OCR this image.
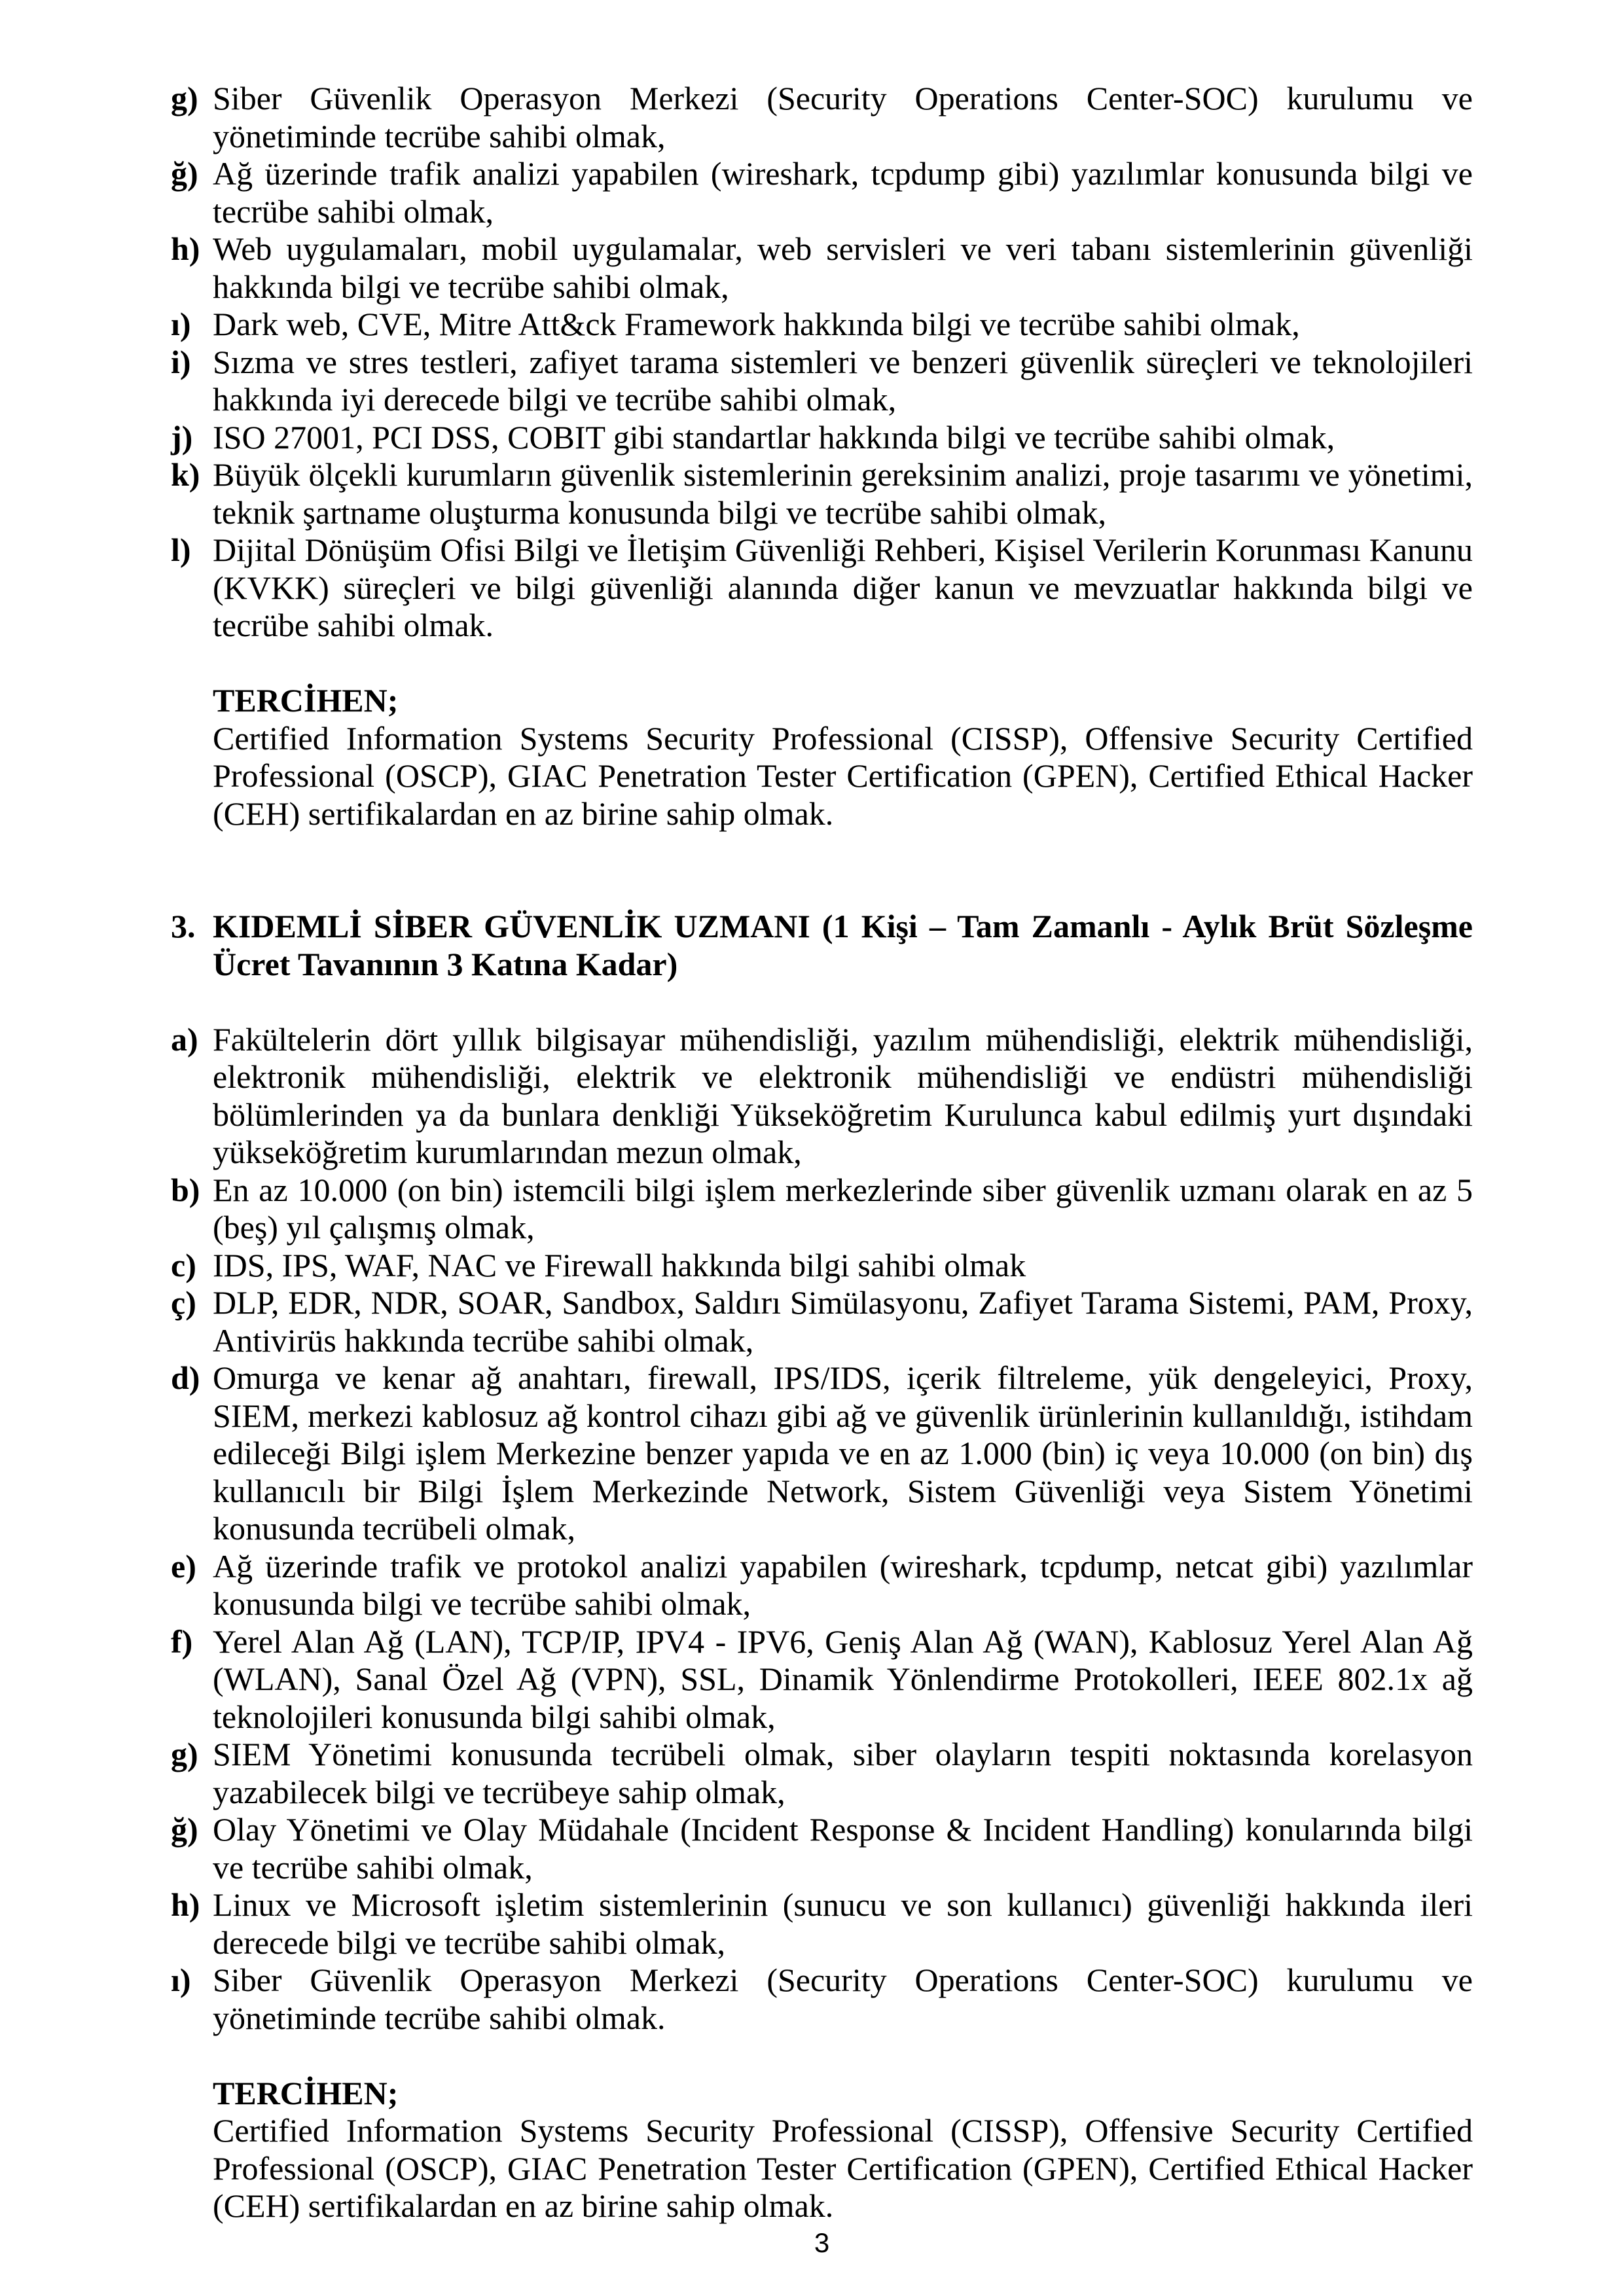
g) Siber Güvenlik Operasyon Merkezi (Security Operations Center-SOC) kurulumu ve yönetiminde tecrübe sahibi olmak,
ğ) Ağ üzerinde trafik analizi yapabilen (wireshark, tcpdump gibi) yazılımlar konusunda bilgi ve tecrübe sahibi olmak,
h) Web uygulamaları, mobil uygulamalar, web servisleri ve veri tabanı sistemlerinin güvenliği hakkında bilgi ve tecrübe sahibi olmak,
ı) Dark web, CVE, Mitre Att&ck Framework hakkında bilgi ve tecrübe sahibi olmak,
i) Sızma ve stres testleri, zafiyet tarama sistemleri ve benzeri güvenlik süreçleri ve teknolojileri hakkında iyi derecede bilgi ve tecrübe sahibi olmak,
j) ISO 27001, PCI DSS, COBIT gibi standartlar hakkında bilgi ve tecrübe sahibi olmak,
k) Büyük ölçekli kurumların güvenlik sistemlerinin gereksinim analizi, proje tasarımı ve yönetimi, teknik şartname oluşturma konusunda bilgi ve tecrübe sahibi olmak,
l) Dijital Dönüşüm Ofisi Bilgi ve İletişim Güvenliği Rehberi, Kişisel Verilerin Korunması Kanunu (KVKK) süreçleri ve bilgi güvenliği alanında diğer kanun ve mevzuatlar hakkında bilgi ve tecrübe sahibi olmak.
TERCİHEN;

Certified Information Systems Security Professional (CISSP), Offensive Security Certified Professional (OSCP), GIAC Penetration Tester Certification (GPEN), Certified Ethical Hacker (CEH) sertifikalardan en az birine sahip olmak.

3. KIDEMLİ SİBER GÜVENLİK UZMANI (1 Kişi – Tam Zamanlı - Aylık Brüt Sözleşme Ücret Tavanının 3 Katına Kadar)
a) Fakültelerin dört yıllık bilgisayar mühendisliği, yazılım mühendisliği, elektrik mühendisliği, elektronik mühendisliği, elektrik ve elektronik mühendisliği ve endüstri mühendisliği bölümlerinden ya da bunlara denkliği Yükseköğretim Kurulunca kabul edilmiş yurt dışındaki yükseköğretim kurumlarından mezun olmak,
b) En az 10.000 (on bin) istemcili bilgi işlem merkezlerinde siber güvenlik uzmanı olarak en az 5 (beş) yıl çalışmış olmak,
c) IDS, IPS, WAF, NAC ve Firewall hakkında bilgi sahibi olmak
ç) DLP, EDR, NDR, SOAR, Sandbox, Saldırı Simülasyonu, Zafiyet Tarama Sistemi, PAM, Proxy, Antivirüs hakkında tecrübe sahibi olmak,
d) Omurga ve kenar ağ anahtarı, firewall, IPS/IDS, içerik filtreleme, yük dengeleyici, Proxy, SIEM, merkezi kablosuz ağ kontrol cihazı gibi ağ ve güvenlik ürünlerinin kullanıldığı, istihdam edileceği Bilgi işlem Merkezine benzer yapıda ve en az 1.000 (bin) iç veya 10.000 (on bin) dış kullanıcılı bir Bilgi İşlem Merkezinde Network, Sistem Güvenliği veya Sistem Yönetimi konusunda tecrübeli olmak,
e) Ağ üzerinde trafik ve protokol analizi yapabilen (wireshark, tcpdump, netcat gibi) yazılımlar konusunda bilgi ve tecrübe sahibi olmak,
f) Yerel Alan Ağ (LAN), TCP/IP, IPV4 - IPV6, Geniş Alan Ağ (WAN), Kablosuz Yerel Alan Ağ (WLAN), Sanal Özel Ağ (VPN), SSL, Dinamik Yönlendirme Protokolleri, IEEE 802.1x ağ teknolojileri konusunda bilgi sahibi olmak,
g) SIEM Yönetimi konusunda tecrübeli olmak, siber olayların tespiti noktasında korelasyon yazabilecek bilgi ve tecrübeye sahip olmak,
ğ) Olay Yönetimi ve Olay Müdahale (Incident Response & Incident Handling) konularında bilgi ve tecrübe sahibi olmak,
h) Linux ve Microsoft işletim sistemlerinin (sunucu ve son kullanıcı) güvenliği hakkında ileri derecede bilgi ve tecrübe sahibi olmak,
ı) Siber Güvenlik Operasyon Merkezi (Security Operations Center-SOC) kurulumu ve yönetiminde tecrübe sahibi olmak.
TERCİHEN;

Certified Information Systems Security Professional (CISSP), Offensive Security Certified Professional (OSCP), GIAC Penetration Tester Certification (GPEN), Certified Ethical Hacker (CEH) sertifikalardan en az birine sahip olmak.

3
